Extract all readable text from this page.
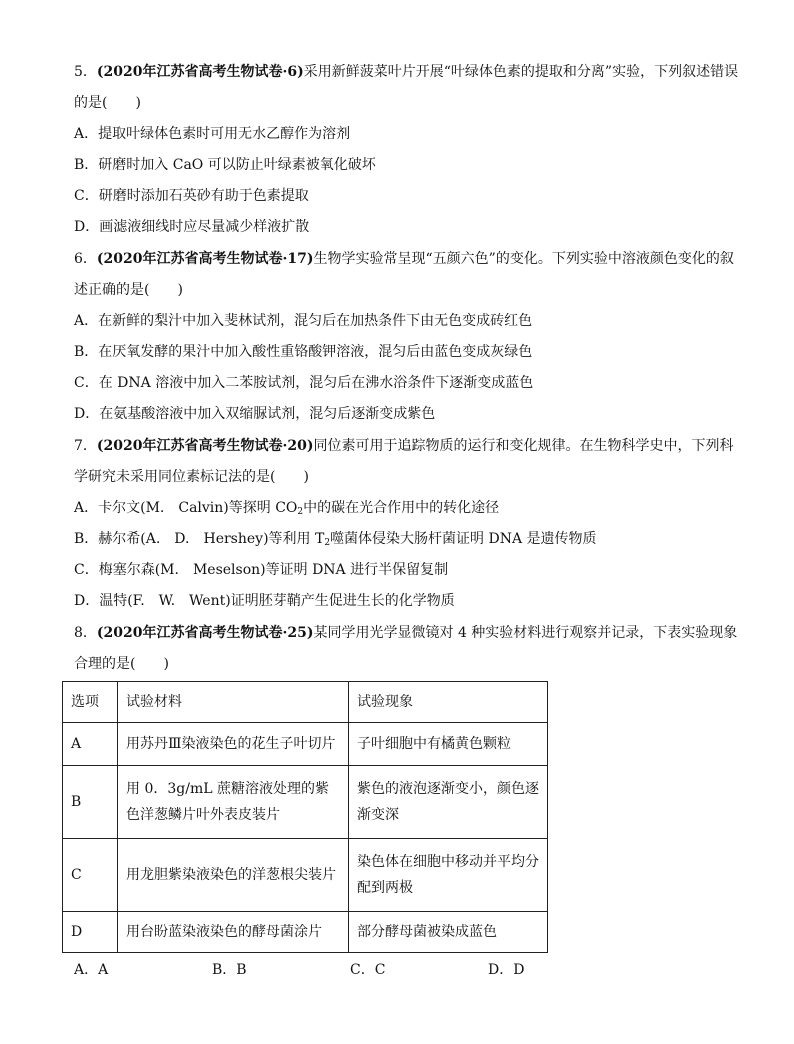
5．(2020年江苏省高考生物试卷·6)采用新鲜菠菜叶片开展“叶绿体色素的提取和分离”实验，下列叙述错误
的是(　　)
A．提取叶绿体色素时可用无水乙醇作为溶剂
B．研磨时加入 CaO 可以防止叶绿素被氧化破坏
C．研磨时添加石英砂有助于色素提取
D．画滤液细线时应尽量减少样液扩散
6．(2020年江苏省高考生物试卷·17)生物学实验常呈现“五颜六色”的变化。下列实验中溶液颜色变化的叙
述正确的是(　　)
A．在新鲜的梨汁中加入斐林试剂，混匀后在加热条件下由无色变成砖红色
B．在厌氧发酵的果汁中加入酸性重铬酸钾溶液，混匀后由蓝色变成灰绿色
C．在 DNA 溶液中加入二苯胺试剂，混匀后在沸水浴条件下逐渐变成蓝色
D．在氨基酸溶液中加入双缩脲试剂，混匀后逐渐变成紫色
7．(2020年江苏省高考生物试卷·20)同位素可用于追踪物质的运行和变化规律。在生物科学史中，下列科
学研究未采用同位素标记法的是(　　)
A．卡尔文(M.　Calvin)等探明 $CO_2$中的碳在光合作用中的转化途径
B．赫尔希(A.　D.　Hershey)等利用 $T_2$噬菌体侵染大肠杆菌证明 DNA 是遗传物质
C．梅塞尔森(M.　Meselson)等证明 DNA 进行半保留复制
D．温特(F.　W.　Went)证明胚芽鞘产生促进生长的化学物质
8．(2020年江苏省高考生物试卷·25)某同学用光学显微镜对 4 种实验材料进行观察并记录，下表实验现象
合理的是(　　)
选项	试验材料	试验现象
A	用苏丹Ⅲ染液染色的花生子叶切片	子叶细胞中有橘黄色颗粒
B	用 0．3g/mL 蔗糖溶液处理的紫色洋葱鳞片叶外表皮装片	紫色的液泡逐渐变小，颜色逐渐变深
C	用龙胆紫染液染色的洋葱根尖装片	染色体在细胞中移动并平均分配到两极
D	用台盼蓝染液染色的酵母菌涂片	部分酵母菌被染成蓝色
A．A	B．B	C．C	D．D
